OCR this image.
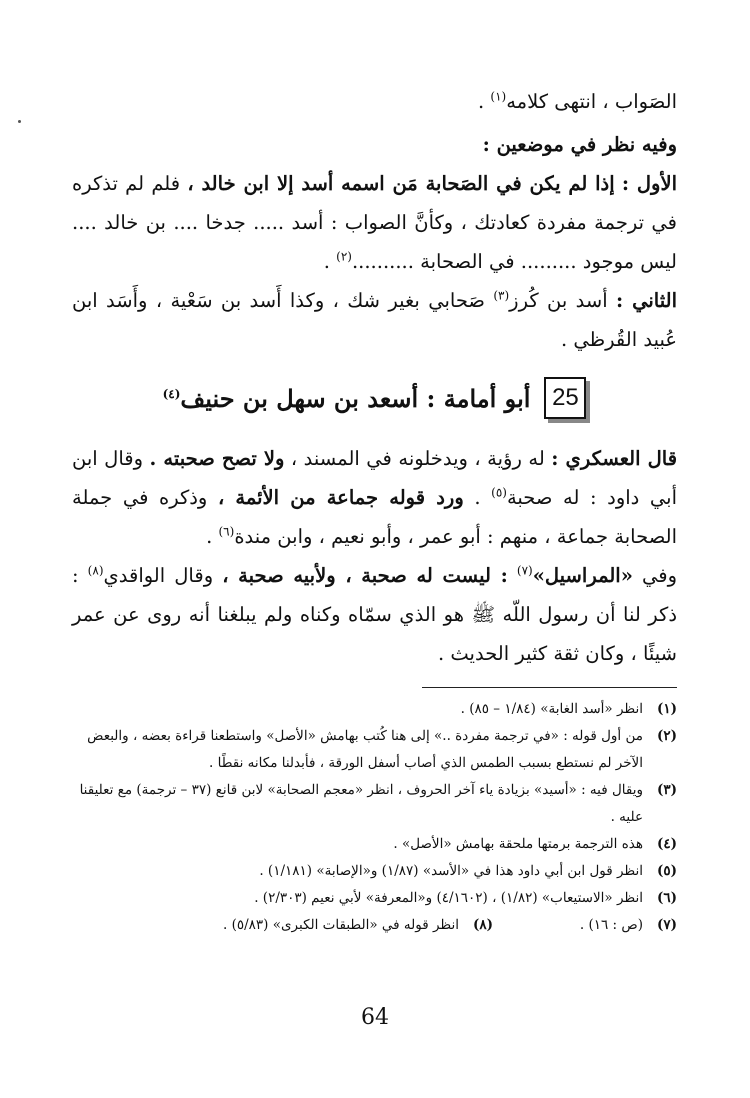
الصَواب ، انتهى كلامه$^{(١)}$ .

وفيه نظر في موضعين :

الأول : إذا لم يكن في الصَحابة مَن اسمه أسد إلا ابن خالد ، فلم لم تذكره في ترجمة مفردة كعادتك ، وكأنَّ الصواب : أسد ..... جدخا .... بن خالد .... ليس موجود ......... في الصحابة ..........$^{(٢)}$ .

الثاني : أسد بن كُرز$^{(٣)}$ صَحابي بغير شك ، وكذا أَسد بن سَعْية ، وأَسَد ابن عُبيد القُرظي .

25
أبو أمامة : أسعد بن سهل بن حنيف$^{(٤)}$

قال العسكري : له رؤية ، ويدخلونه في المسند ، ولا تصح صحبته . وقال ابن أبي داود : له صحبة$^{(٥)}$ . ورد قوله جماعة من الأئمة ، وذكره في جملة الصحابة جماعة ، منهم : أبو عمر ، وأبو نعيم ، وابن مندة$^{(٦)}$ .

وفي «المراسيل»$^{(٧)}$ : ليست له صحبة ، ولأبيه صحبة ، وقال الواقدي$^{(٨)}$ : ذكر لنا أن رسول اللّه ﷺ هو الذي سمّاه وكناه ولم يبلغنا أنه روى عن عمر شيئًا ، وكان ثقة كثير الحديث .

(١)
انظر «أسد الغابة» (١/٨٤ – ٨٥) .
(٢)
من أول قوله : «في ترجمة مفردة ..» إلى هنا كُتب بهامش «الأصل» واستطعنا قراءة بعضه ، والبعض الآخر لم نستطع بسبب الطمس الذي أصاب أسفل الورقة ، فأبدلنا مكانه نقطًا .
(٣)
ويقال فيه : «أسيد» بزيادة ياء آخر الحروف ، انظر «معجم الصحابة» لابن قانع (٣٧ – ترجمة) مع تعليقنا عليه .
(٤)
هذه الترجمة برمتها ملحقة بهامش «الأصل» .
(٥)
انظر قول ابن أبي داود هذا في «الأسد» (١/٨٧) و«الإصابة» (١/١٨١) .
(٦)
انظر «الاستيعاب» (١/٨٢) ، (٤/١٦٠٢) و«المعرفة» لأبي نعيم (٢/٣٠٣) .
(٧)
(ص : ١٦) .
(٨)
انظر قوله في «الطبقات الكبرى» (٥/٨٣) .
64
